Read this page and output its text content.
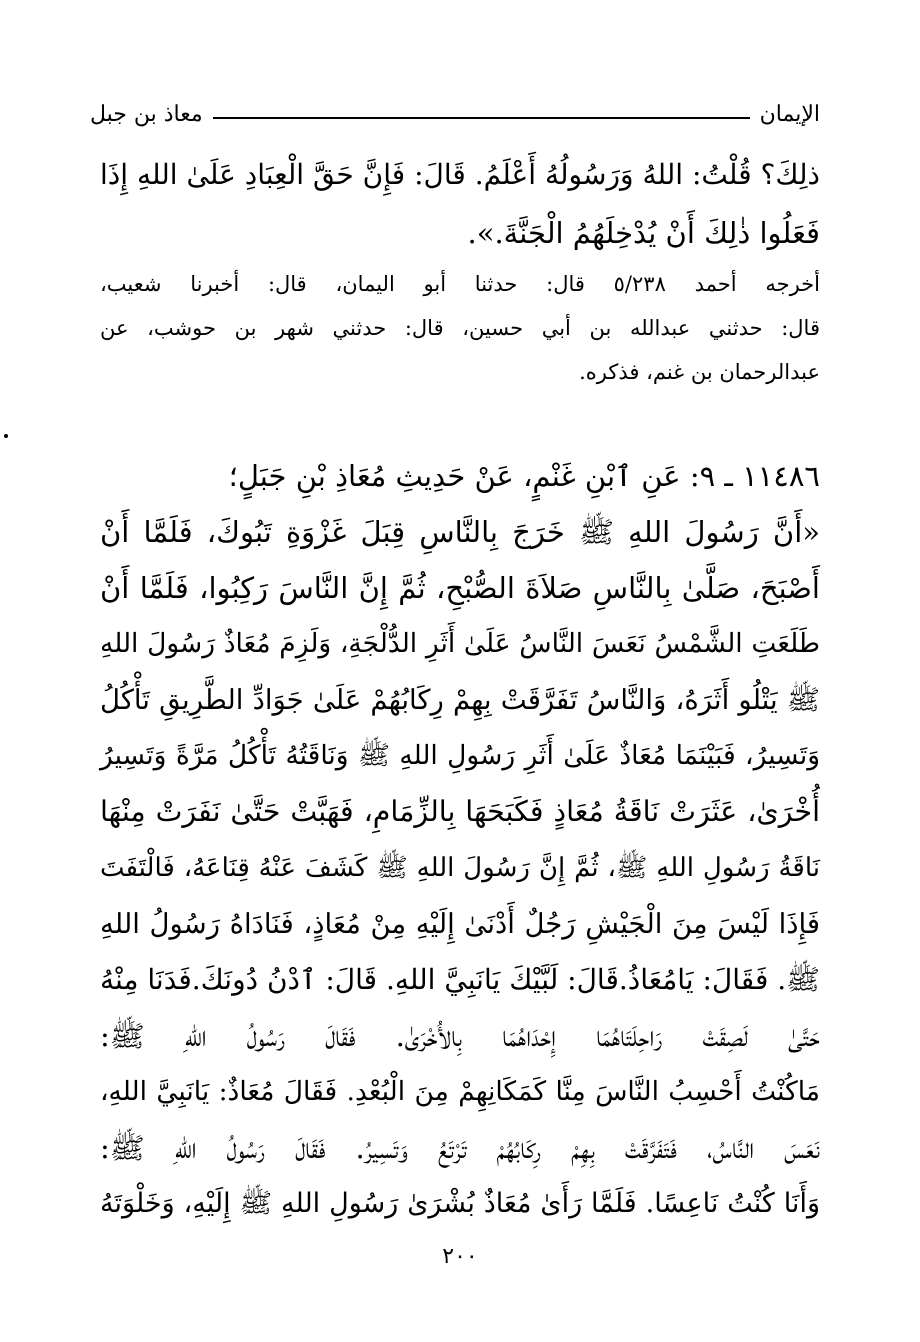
الإيمان
معاذ بن جبل
ذلِكَ؟ قُلْتُ: اللهُ وَرَسُولُهُ أَعْلَمُ. قَالَ: فَإِنَّ حَقَّ الْعِبَادِ عَلَىٰ اللهِ إِذَا
فَعَلُوا ذٰلِكَ أَنْ يُدْخِلَهُمُ الْجَنَّةَ.».
أخرجه أحمد ٥/٢٣٨ قال: حدثنا أبو اليمان، قال: أخبرنا شعيب،
قال: حدثني عبدالله بن أبي حسين، قال: حدثني شهر بن حوشب، عن
عبدالرحمان بن غنم، فذكره.
١١٤٨٦ ـ ٩: عَنِ ٱبْنِ غَنْمٍ، عَنْ حَدِيثِ مُعَاذِ بْنِ جَبَلٍ؛
«أَنَّ رَسُولَ اللهِ ﷺ خَرَجَ بِالنَّاسِ قِبَلَ غَزْوَةِ تَبُوكَ، فَلَمَّا أَنْ
أَصْبَحَ، صَلَّىٰ بِالنَّاسِ صَلاَةَ الصُّبْحِ، ثُمَّ إِنَّ النَّاسَ رَكِبُوا، فَلَمَّا أَنْ
طَلَعَتِ الشَّمْسُ نَعَسَ النَّاسُ عَلَىٰ أَثَرِ الدُّلْجَةِ، وَلَزِمَ مُعَاذٌ رَسُولَ اللهِ
ﷺ يَتْلُو أَثَرَهُ، وَالنَّاسُ تَفَرَّقَتْ بِهِمْ رِكَابُهُمْ عَلَىٰ جَوَادِّ الطَّرِيقِ تَأْكُلُ
وَتَسِيرُ، فَبَيْنَمَا مُعَاذٌ عَلَىٰ أَثَرِ رَسُولِ اللهِ ﷺ وَنَاقَتُهُ تَأْكُلُ مَرَّةً وَتَسِيرُ
أُخْرَىٰ، عَثَرَتْ نَاقَةُ مُعَاذٍ فَكَبَحَهَا بِالزِّمَامِ، فَهَبَّتْ حَتَّىٰ نَفَرَتْ مِنْهَا
نَاقَةُ رَسُولِ اللهِ ﷺ، ثُمَّ إِنَّ رَسُولَ اللهِ ﷺ كَشَفَ عَنْهُ قِنَاعَهُ، فَالْتَفَتَ
فَإِذَا لَيْسَ مِنَ الْجَيْشِ رَجُلٌ أَدْنَىٰ إِلَيْهِ مِنْ مُعَاذٍ، فَنَادَاهُ رَسُولُ اللهِ
ﷺ. فَقَالَ: يَامُعَاذُ.قَالَ: لَبَّيْكَ يَانَبِيَّ اللهِ. قَالَ: ٱدْنُ دُونَكَ.فَدَنَا مِنْهُ
حَتَّىٰ لَصِقَتْ رَاحِلَتَاهُمَا إِحْدَاهُمَا بِالأُخْرَىٰ. فَقَالَ رَسُولُ اللهِ ﷺ:
مَاكُنْتُ أَحْسِبُ النَّاسَ مِنَّا كَمَكَانِهِمْ مِنَ الْبُعْدِ. فَقَالَ مُعَاذٌ: يَانَبِيَّ اللهِ،
نَعَسَ النَّاسُ، فَتَفَرَّقَتْ بِهِمْ رِكَابُهُمْ تَرْتَعُ وَتَسِيرُ. فَقَالَ رَسُولُ اللهِ ﷺ:
وَأَنَا كُنْتُ نَاعِسًا. فَلَمَّا رَأَىٰ مُعَاذٌ بُشْرَىٰ رَسُولِ اللهِ ﷺ إِلَيْهِ، وَخَلْوَتَهُ
٢٠٠
